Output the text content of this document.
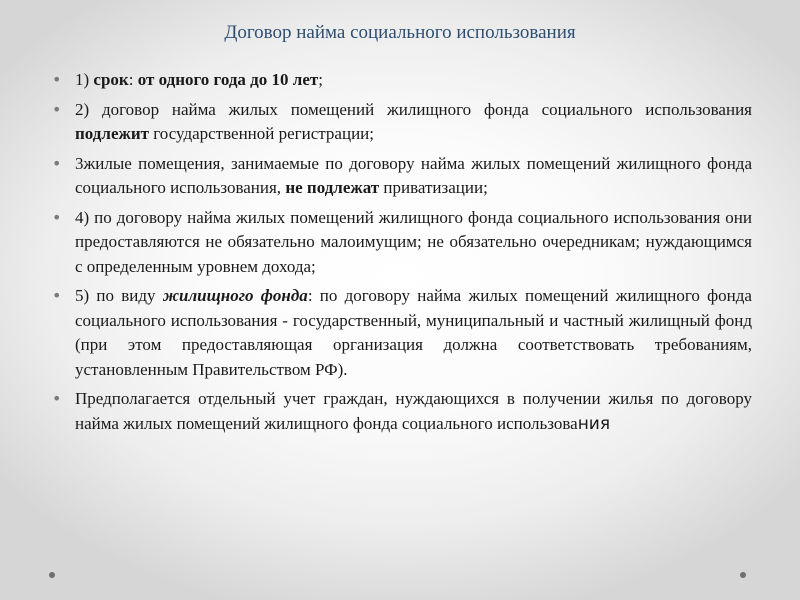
Договор найма социального использования
• 1) срок: от одного года до 10 лет;
• 2) договор найма жилых помещений жилищного фонда социального использования подлежит государственной регистрации;
• 3жилые помещения, занимаемые по договору найма жилых помещений жилищного фонда социального использования, не подлежат приватизации;
• 4) по договору найма жилых помещений жилищного фонда социального использования они предоставляются не обязательно малоимущим; не обязательно очередникам; нуждающимся с определенным уровнем дохода;
• 5) по виду жилищного фонда: по договору найма жилых помещений жилищного фонда социального использования - государственный, муниципальный и частный жилищный фонд (при этом предоставляющая организация должна соответствовать требованиям, установленным Правительством РФ).
• Предполагается отдельный учет граждан, нуждающихся в получении жилья по договору найма жилых помещений жилищного фонда социального использования
